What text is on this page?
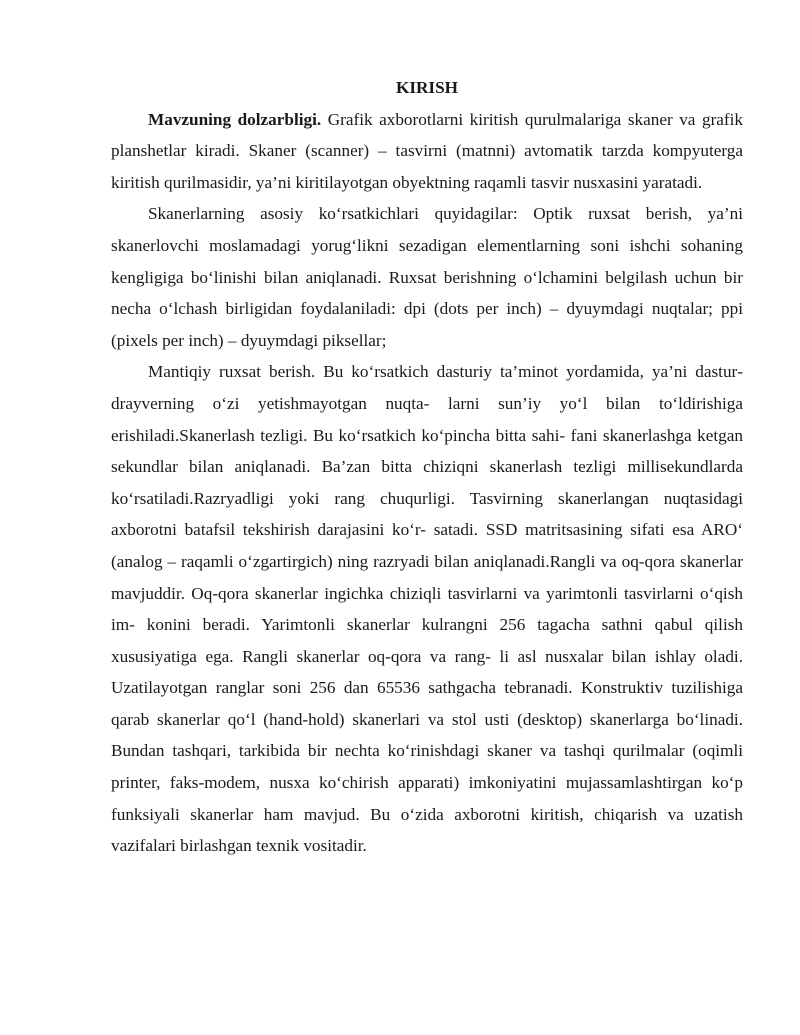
KIRISH

Mavzuning dolzarbligi. Grafik axborotlarni kiritish qurulmalariga skaner va grafik planshetlar kiradi. Skaner (scanner) – tasvirni (matnni) avtomatik tarzda kompyuterga kiritish qurilmasidir, ya’ni kiritilayotgan obyektning raqamli tasvir nusxasini yaratadi.

Skanerlarning asosiy ko‘rsatkichlari quyidagilar: Optik ruxsat berish, ya’ni skanerlovchi moslamadagi yorug‘likni sezadigan elementlarning soni ishchi sohaning kengligiga bo‘linishi bilan aniqlanadi. Ruxsat berishning o‘lchamini belgilash uchun bir necha o‘lchash birligidan foydalaniladi: dpi (dots per inch) – dyuymdagi nuqtalar; ppi (pixels per inch) – dyuymdagi piksellar;

Mantiqiy ruxsat berish. Bu ko‘rsatkich dasturiy ta’minot yordamida, ya’ni dasturdrayverning o‘zi yetishmayotgan nuqta- larni sun’iy yo‘l bilan to‘ldirishiga erishiladi.Skanerlash tezligi. Bu ko‘rsatkich ko‘pincha bitta sahi- fani skanerlashga ketgan sekundlar bilan aniqlanadi. Ba’zan bitta chiziqni skanerlash tezligi millisekundlarda ko‘rsatiladi.Razryadligi yoki rang chuqurligi. Tasvirning skanerlangan nuqtasidagi axborotni batafsil tekshirish darajasini ko‘r- satadi. SSD matritsasining sifati esa ARO‘ (analog – raqamli o‘zgartirgich) ning razryadi bilan aniqlanadi.Rangli va oq-qora skanerlar mavjuddir. Oq-qora skanerlar ingichka chiziqli tasvirlarni va yarimtonli tasvirlarni o‘qish im- konini beradi. Yarimtonli skanerlar kulrangni 256 tagacha sathni qabul qilish xususiyatiga ega. Rangli skanerlar oq-qora va rang- li asl nusxalar bilan ishlay oladi. Uzatilayotgan ranglar soni 256 dan 65536 sathgacha tebranadi. Konstruktiv tuzilishiga qarab skanerlar qo‘l (hand-hold) skanerlari va stol usti (desktop) skanerlarga bo‘linadi. Bundan tashqari, tarkibida bir nechta ko‘rinishdagi skaner va tashqi qurilmalar (oqimli printer, faks-modem, nusxa ko‘chirish apparati) imkoniyatini mujassamlashtirgan ko‘p funksiyali skanerlar ham mavjud. Bu o‘zida axborotni kiritish, chiqarish va uzatish vazifalari birlashgan texnik vositadir.
